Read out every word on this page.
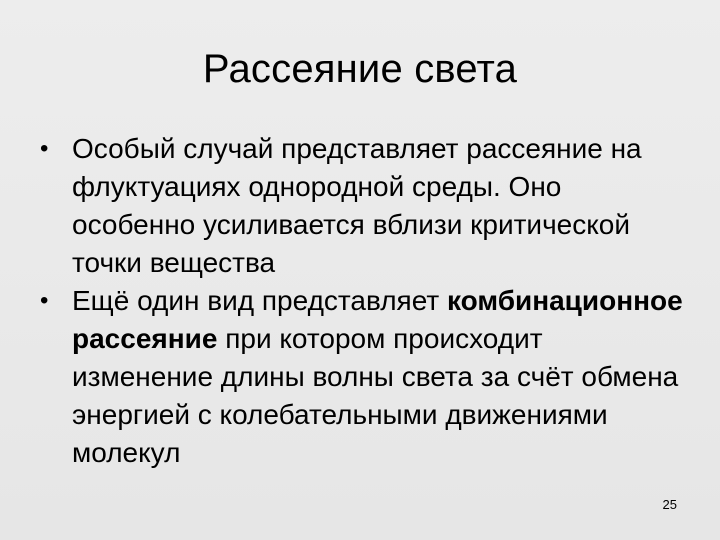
Рассеяние света
• Особый случай представляет рассеяние на флуктуациях однородной среды. Оно особенно усиливается вблизи критической точки вещества
• Ещё один вид представляет комбинационное рассеяние при котором происходит изменение длины волны света за счёт обмена энергией с колебательными движениями молекул
25
